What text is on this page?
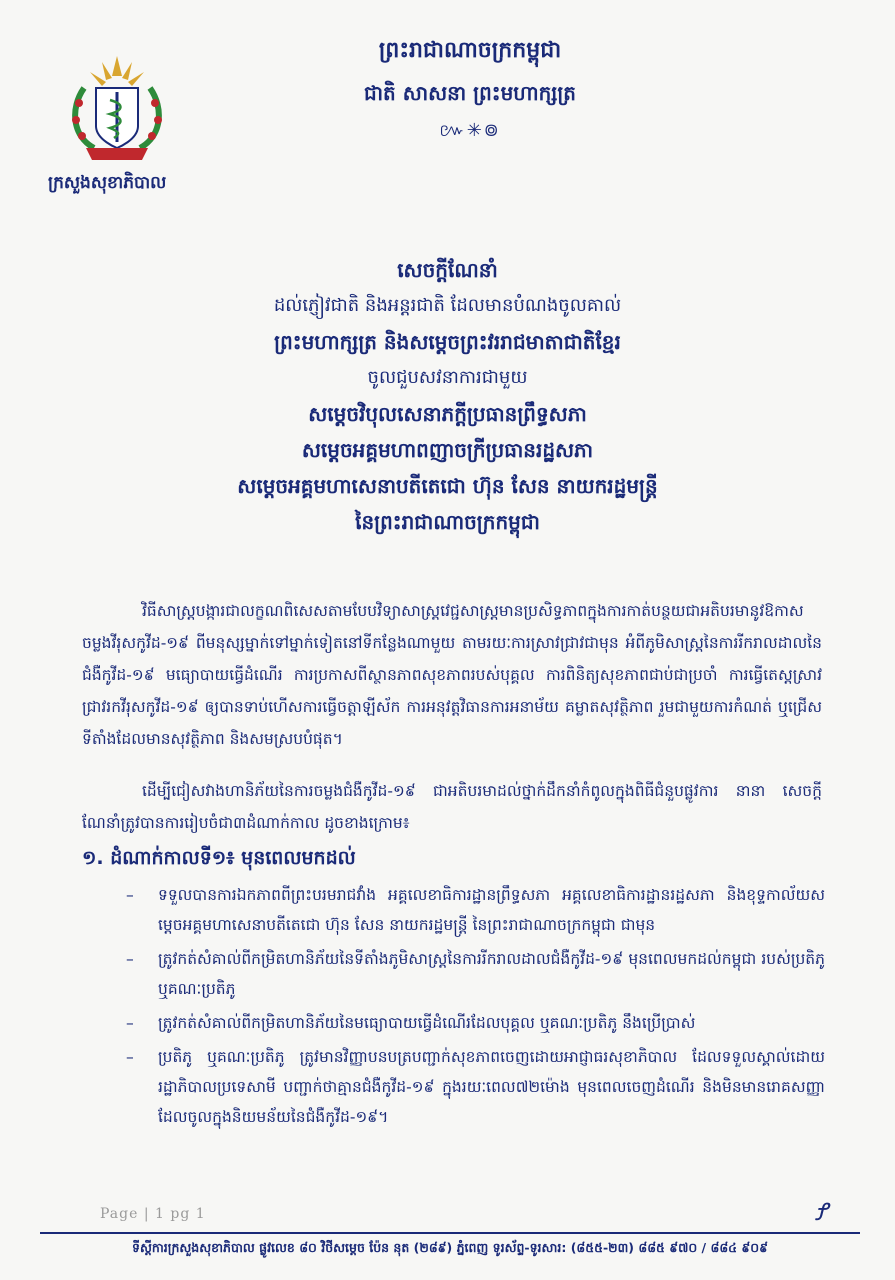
ក្រសួងសុខាភិបាល
ព្រះរាជាណាចក្រកម្ពុជា
ជាតិ សាសនា ព្រះមហាក្សត្រ
៚✳៙
សេចក្តីណែនាំ
ដល់ភ្ញៀវជាតិ និងអន្តរជាតិ ដែលមានបំណងចូលគាល់
ព្រះមហាក្សត្រ និងសម្តេចព្រះវររាជមាតាជាតិខ្មែរ
ចូលជួបសវនាការជាមួយ
សម្តេចវិបុលសេនាភក្តីប្រធានព្រឹទ្ធសភា
សម្តេចអគ្គមហាពញាចក្រីប្រធានរដ្ឋសភា
សម្តេចអគ្គមហាសេនាបតីតេជោ ហ៊ុន សែន នាយករដ្ឋមន្ត្រី
នៃព្រះរាជាណាចក្រកម្ពុជា
វិធីសាស្ត្របង្ការជាលក្ខណពិសេសតាមបែបវិទ្យាសាស្ត្រវេជ្ជសាស្ត្រមានប្រសិទ្ធភាពក្នុងការកាត់បន្ថយជាអតិបរមានូវឱកាសចម្លងវីរុសកូវីដ-១៩ ពីមនុស្សម្នាក់ទៅម្នាក់ទៀតនៅទីកន្លែងណាមួយ តាមរយៈការស្រាវជ្រាវជាមុន អំពីភូមិសាស្ត្រនៃការរីករាលដាលនៃជំងឺកូវីដ-១៩ មធ្យោបាយធ្វើដំណើរ ការប្រកាសពីស្ថានភាពសុខភាពរបស់បុគ្គល ការពិនិត្យសុខភាពជាប់ជាប្រចាំ ការធ្វើតេស្តស្រាវជ្រាវរកវីរុសកូវីដ-១៩ ឲ្យបានទាប់ហើសការធ្វើចត្តាឡីស័ក ការអនុវត្តវិធានការអនាម័យ គម្លាតសុវត្ថិភាព រួមជាមួយការកំណត់ ឬជ្រើសទីតាំងដែលមានសុវត្ថិភាព និងសមស្របបំផុត។
ដើម្បីជៀសវាងហានិភ័យនៃការចម្លងជំងឺកូវីដ-១៩ ជាអតិបរមាដល់ថ្នាក់ដឹកនាំកំពូលក្នុងពិធីជំនួបផ្លូវការ នានា សេចក្តីណែនាំត្រូវបានការរៀបចំជា៣ដំណាក់កាល ដូចខាងក្រោម៖
១. ដំណាក់កាលទី១៖ មុនពេលមកដល់
– ទទួលបានការឯកភាពពីព្រះបរមរាជវាំង អគ្គលេខាធិការដ្ឋានព្រឹទ្ធសភា អគ្គលេខាធិការដ្ឋានរដ្ឋសភា និងខុទ្ទកាល័យសម្តេចអគ្គមហាសេនាបតីតេជោ ហ៊ុន សែន នាយករដ្ឋមន្ត្រី នៃព្រះរាជាណាចក្រកម្ពុជា ជាមុន
– ត្រូវកត់សំគាល់ពីកម្រិតហានិភ័យនៃទីតាំងភូមិសាស្ត្រនៃការរីករាលដាលជំងឺកូវីដ-១៩ មុនពេលមកដល់កម្ពុជា របស់ប្រតិភូ ឬគណៈប្រតិភូ
– ត្រូវកត់សំគាល់ពីកម្រិតហានិភ័យនៃមធ្យោបាយធ្វើដំណើរដែលបុគ្គល ឬគណៈប្រតិភូ នឹងប្រើប្រាស់
– ប្រតិភូ ឬគណៈប្រតិភូ ត្រូវមានវិញ្ញាបនបត្របញ្ជាក់សុខភាពចេញដោយអាជ្ញាធរសុខាភិបាល ដែលទទួលស្គាល់ដោយរដ្ឋាភិបាលប្រទេសាមី បញ្ជាក់ថាគ្មានជំងឺកូវីដ-១៩ ក្នុងរយៈពេល៧២ម៉ោង មុនពេលចេញដំណើរ និងមិនមានរោគសញ្ញាដែលចូលក្នុងនិយមន័យនៃជំងឺកូវីដ-១៩។
Page | 1 pg 1	Ꝭ
ទីស្តីការក្រសួងសុខាភិបាល ផ្លូវលេខ ៨០ វិថីសម្តេច ប៉ែន នុត (២៨៩) ភ្នំពេញ ទូរស័ព្ទ-ទូរសារ: (៨៥៥-២៣) ៨៨៥ ៩៧០ / ៨៨៤ ៩០៩
